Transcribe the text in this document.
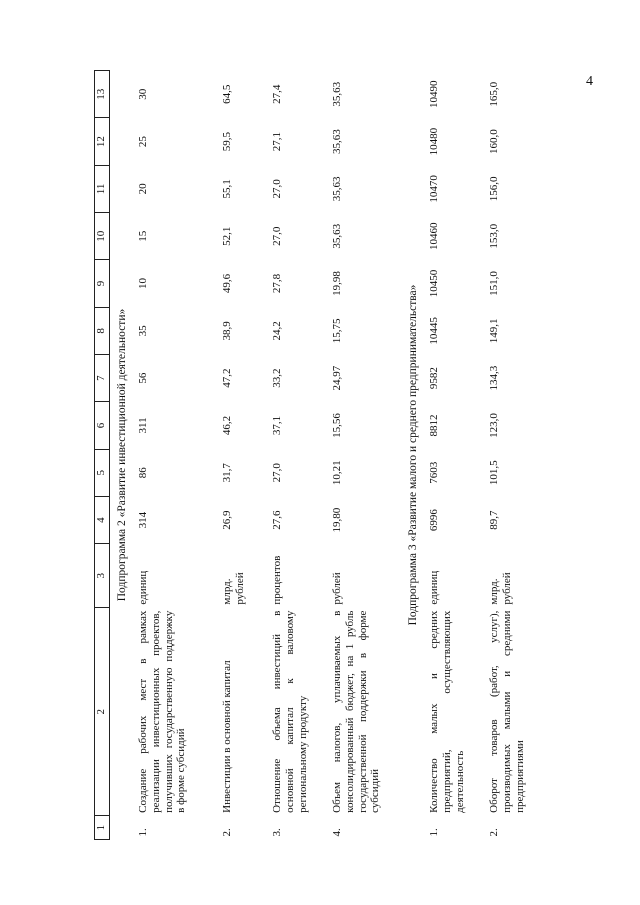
4
1	2	3	4	5	6	7	8	9	10	11	12	13
Подпрограмма 2 «Развитие инвестиционной деятельности»												
1.	Создание рабочих мест в рамках реализации инвестиционных проектов, получивших государственную поддержку в форме субсидий	единиц	314	86	311	56	35	10	15	20	25	30
2.	Инвестиции в основной капитал	млрд. рублей	26,9	31,7	46,2	47,2	38,9	49,6	52,1	55,1	59,5	64,5
3.	Отношение объема инвестиций в основной капитал к валовому региональному продукту	процентов	27,6	27,0	37,1	33,2	24,2	27,8	27,0	27,0	27,1	27,4
4.	Объем налогов, уплачиваемых в консолидированный бюджет, на 1 рубль государственной поддержки в форме субсидий	рублей	19,80	10,21	15,56	24,97	15,75	19,98	35,63	35,63	35,63	35,63
Подпрограмма 3 «Развитие малого и среднего предпринимательства»												
1.	Количество малых и средних предприятий, осуществляющих деятельность	единиц	6996	7603	8812	9582	10445	10450	10460	10470	10480	10490
2.	Оборот товаров (работ, услуг), производимых малыми и средними предприятиями	млрд. рублей	89,7	101,5	123,0	134,3	149,1	151,0	153,0	156,0	160,0	165,0
